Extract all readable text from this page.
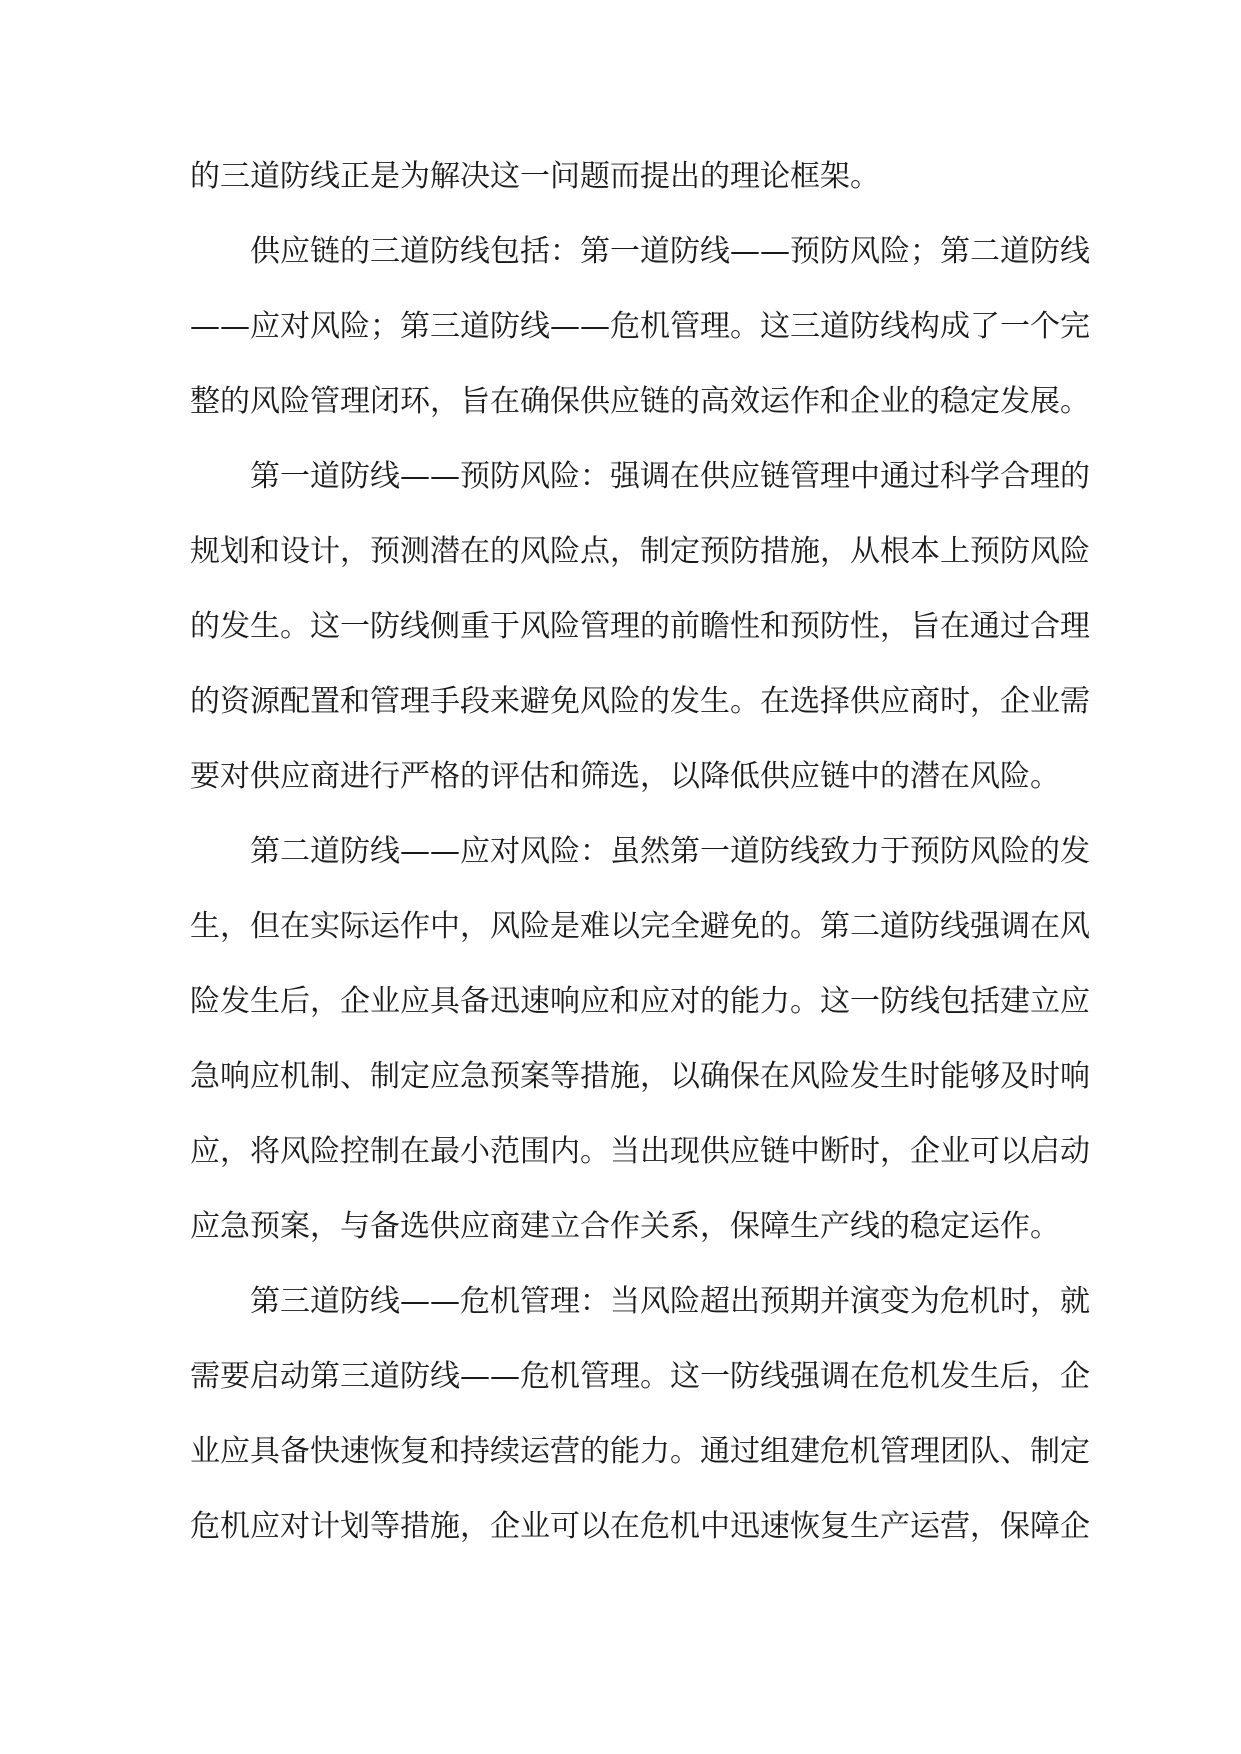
的三道防线正是为解决这一问题而提出的理论框架。
供应链的三道防线包括：第一道防线——预防风险；第二道防线
——应对风险；第三道防线——危机管理。这三道防线构成了一个完
整的风险管理闭环，旨在确保供应链的高效运作和企业的稳定发展。
第一道防线——预防风险：强调在供应链管理中通过科学合理的
规划和设计，预测潜在的风险点，制定预防措施，从根本上预防风险
的发生。这一防线侧重于风险管理的前瞻性和预防性，旨在通过合理
的资源配置和管理手段来避免风险的发生。在选择供应商时，企业需
要对供应商进行严格的评估和筛选，以降低供应链中的潜在风险。
第二道防线——应对风险：虽然第一道防线致力于预防风险的发
生，但在实际运作中，风险是难以完全避免的。第二道防线强调在风
险发生后，企业应具备迅速响应和应对的能力。这一防线包括建立应
急响应机制、制定应急预案等措施，以确保在风险发生时能够及时响
应，将风险控制在最小范围内。当出现供应链中断时，企业可以启动
应急预案，与备选供应商建立合作关系，保障生产线的稳定运作。
第三道防线——危机管理：当风险超出预期并演变为危机时，就
需要启动第三道防线——危机管理。这一防线强调在危机发生后，企
业应具备快速恢复和持续运营的能力。通过组建危机管理团队、制定
危机应对计划等措施，企业可以在危机中迅速恢复生产运营，保障企
